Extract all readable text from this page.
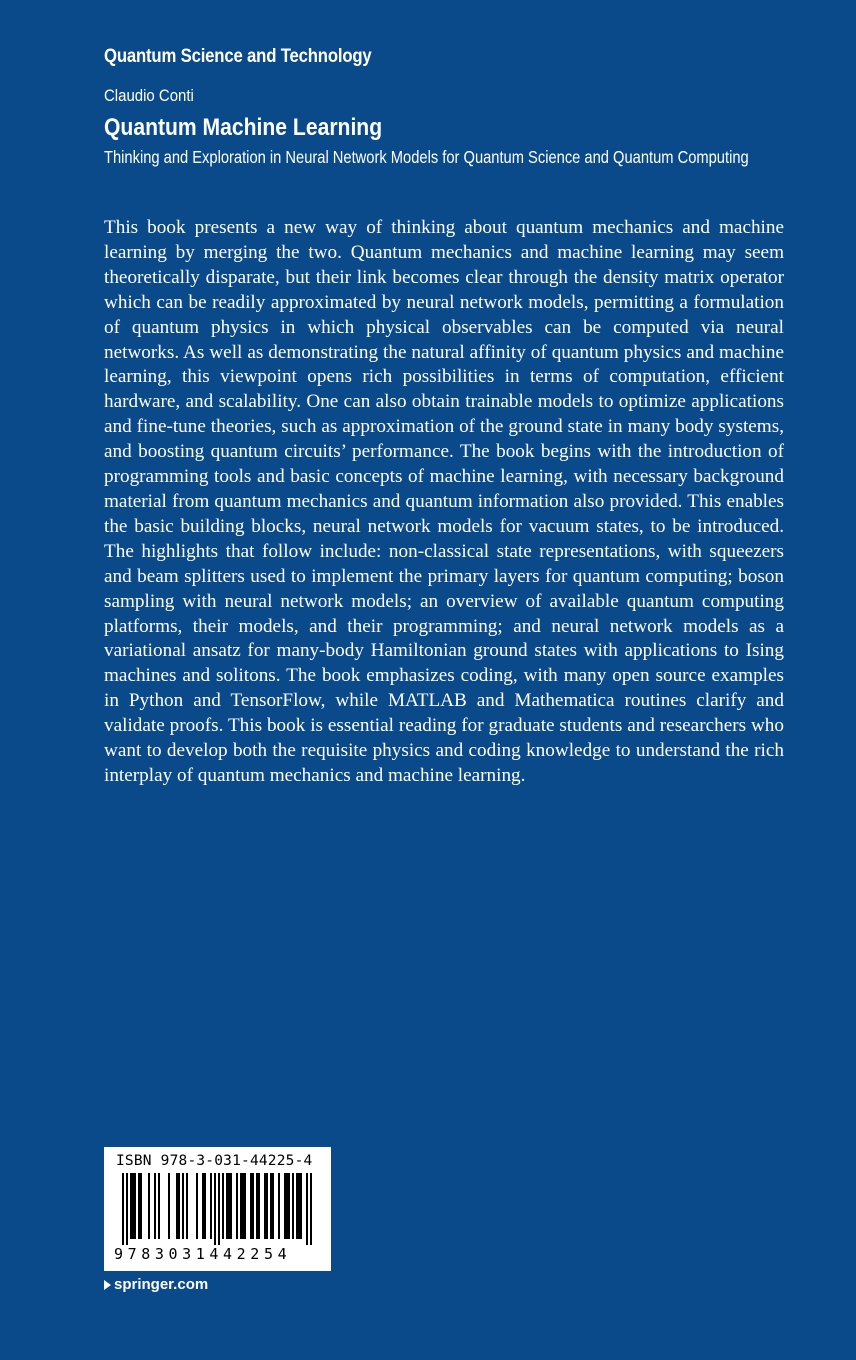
Quantum Science and Technology
Claudio Conti
Quantum Machine Learning
Thinking and Exploration in Neural Network Models for Quantum Science and Quantum Computing

This book presents a new way of thinking about quantum mechanics and machine learning by merging the two. Quantum mechanics and machine learning may seem theoretically disparate, but their link becomes clear through the density matrix operator which can be readily approximated by neural network models, permitting a formulation of quantum physics in which physical observables can be computed via neural networks. As well as demonstrating the natural affinity of quantum physics and machine learning, this viewpoint opens rich possibilities in terms of computation, efficient hardware, and scalability. One can also obtain trainable models to optimize applications and fine-tune theories, such as approximation of the ground state in many body systems, and boosting quantum circuits’ performance. The book begins with the introduction of programming tools and basic concepts of machine learning, with necessary background material from quantum mechanics and quantum information also provided. This enables the basic building blocks, neural network models for vacuum states, to be introduced. The highlights that follow include: non-classical state representations, with squeezers and beam splitters used to implement the primary layers for quantum computing; boson sampling with neural network models; an overview of available quantum computing platforms, their models, and their programming; and neural network models as a variational ansatz for many-body Hamiltonian ground states with applications to Ising machines and solitons. The book emphasizes coding, with many open source examples in Python and TensorFlow, while MATLAB and Mathematica routines clarify and validate proofs. This book is essential reading for graduate students and researchers who want to develop both the requisite physics and coding knowledge to understand the rich interplay of quantum mechanics and machine learning.

ISBN 978-3-031-44225-4
9783031442254
springer.com
